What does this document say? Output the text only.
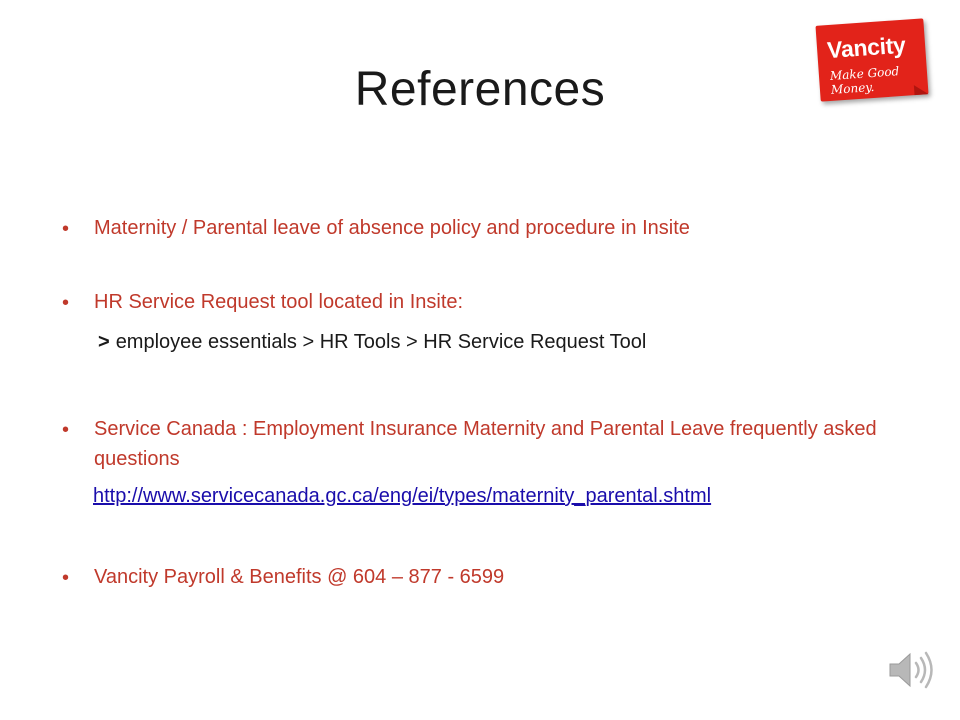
References
Vancity
Make Good Money.
• Maternity / Parental leave of absence policy and procedure in Insite
• HR Service Request tool located in Insite:
> employee essentials > HR Tools > HR Service Request Tool
• Service Canada : Employment Insurance Maternity and Parental Leave frequently asked questions
http://www.servicecanada.gc.ca/eng/ei/types/maternity_parental.shtml
• Vancity Payroll & Benefits @ 604 – 877 - 6599
